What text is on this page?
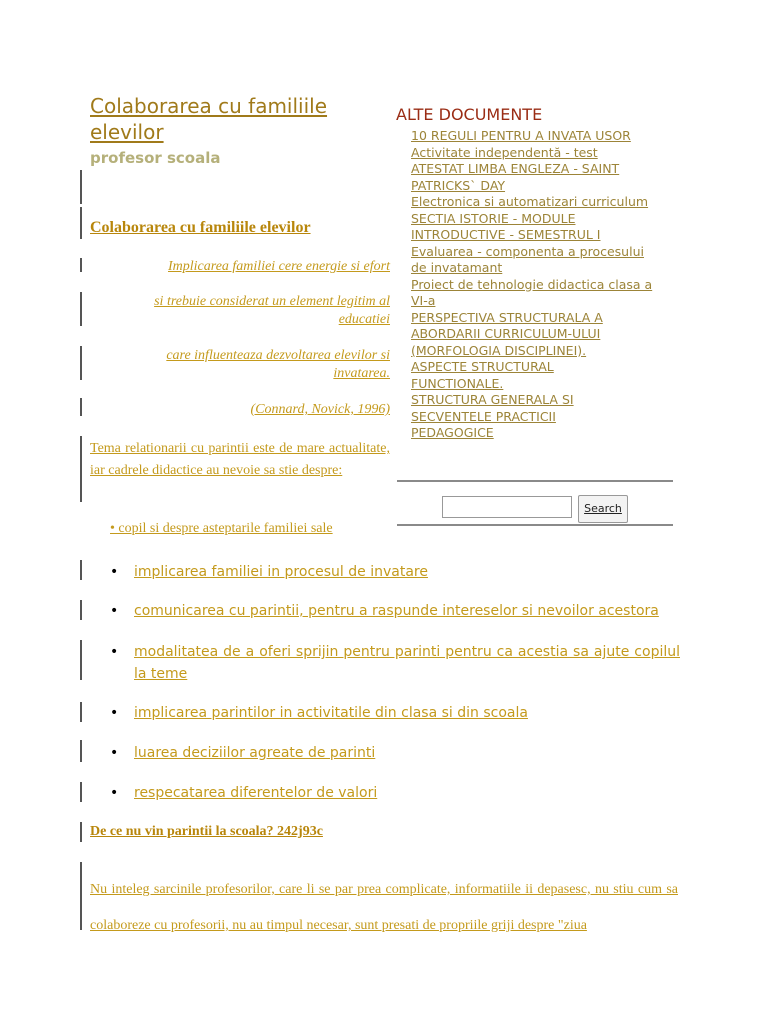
Colaborarea cu familiile elevilor
profesor scoala
Colaborarea cu familiile elevilor
Implicarea familiei cere energie si efort
si trebuie considerat un element legitim al educatiei
care influenteaza dezvoltarea elevilor si invatarea.
(Connard, Novick, 1996)
Tema relationarii cu parintii este de mare actualitate, iar cadrele didactice au nevoie sa stie despre:
ALTE DOCUMENTE
10 REGULI PENTRU A INVATA USOR
Activitate independentă - test
ATESTAT LIMBA ENGLEZA - SAINT PATRICKS` DAY
Electronica si automatizari curriculum
SECTIA ISTORIE - MODULE INTRODUCTIVE - SEMESTRUL I
Evaluarea - componenta a procesului de invatamant
Proiect de tehnologie didactica clasa a VI-a
PERSPECTIVA STRUCTURALA A ABORDARII CURRICULUM-ULUI (MORFOLOGIA DISCIPLINEI). ASPECTE STRUCTURAL FUNCTIONALE.
STRUCTURA GENERALA SI SECVENTELE PRACTICII PEDAGOGICE
Search
• copil si despre asteptarile familiei sale
• implicarea familiei in procesul de invatare
• comunicarea cu parintii, pentru a raspunde intereselor si nevoilor acestora
• modalitatea de a oferi sprijin pentru parinti pentru ca acestia sa ajute copilul la teme
• implicarea parintilor in activitatile din clasa si din scoala
• luarea deciziilor agreate de parinti
• respecatarea diferentelor de valori
De ce nu vin parintii la scoala? 242j93c
Nu inteleg sarcinile profesorilor, care li se par prea complicate, informatiile ii depasesc, nu stiu cum sa colaboreze cu profesorii, nu au timpul necesar, sunt presati de propriile griji despre "ziua
